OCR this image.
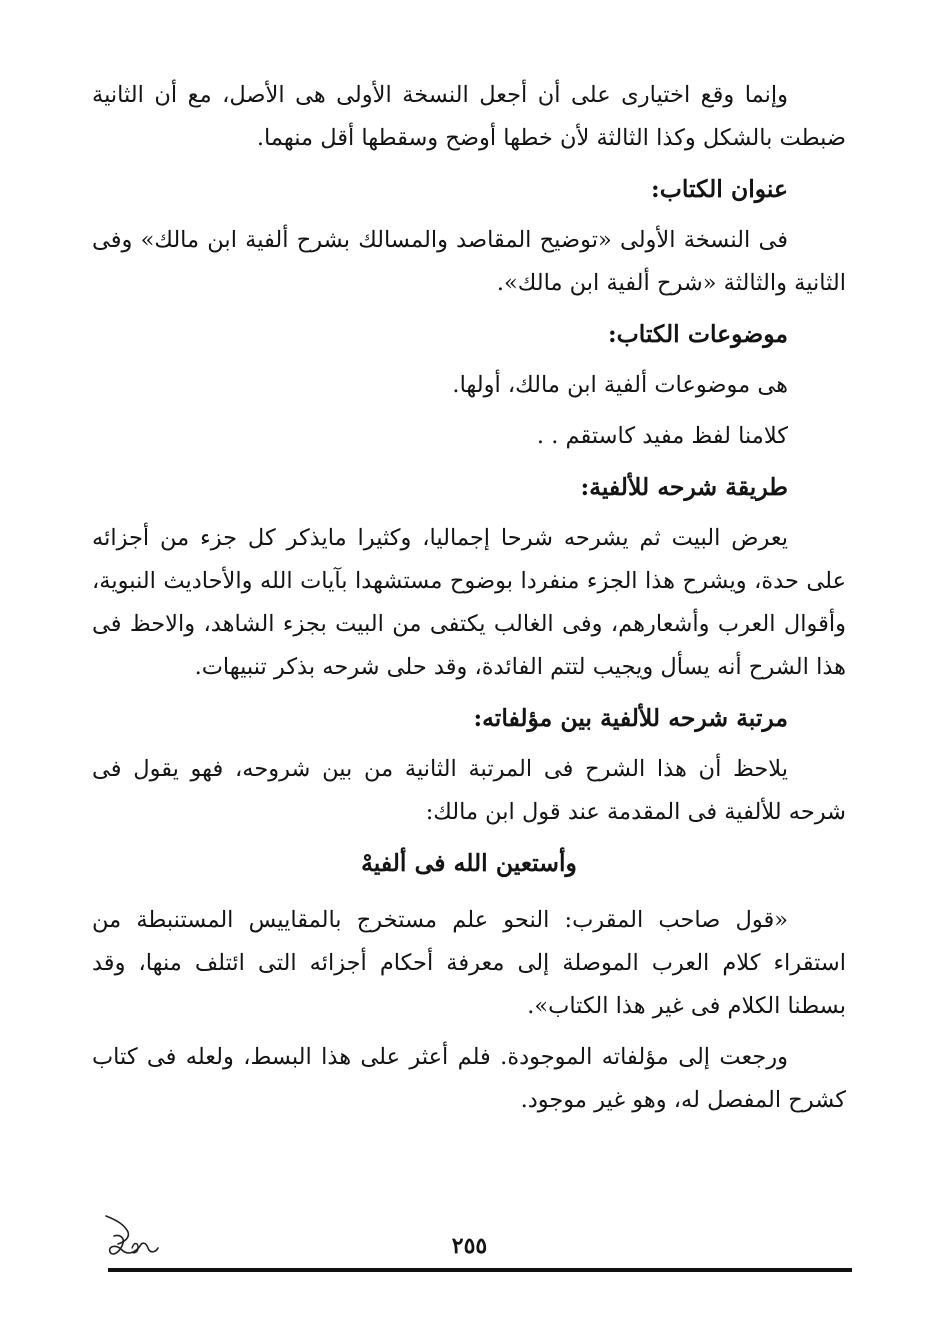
وإنما وقع اختيارى على أن أجعل النسخة الأولى هى الأصل، مع أن الثانية ضبطت بالشكل وكذا الثالثة لأن خطها أوضح وسقطها أقل منهما.

عنوان الكتاب:

فى النسخة الأولى «توضيح المقاصد والمسالك بشرح ألفية ابن مالك» وفى الثانية والثالثة «شرح ألفية ابن مالك».

موضوعات الكتاب:

هى موضوعات ألفية ابن مالك، أولها.

كلامنا لفظ مفيد كاستقم . .

طريقة شرحه للألفية:

يعرض البيت ثم يشرحه شرحا إجماليا، وكثيرا مايذكر كل جزء من أجزائه على حدة، ويشرح هذا الجزء منفردا بوضوح مستشهدا بآيات الله والأحاديث النبوية، وأقوال العرب وأشعارهم، وفى الغالب يكتفى من البيت بجزء الشاهد، والاحظ فى هذا الشرح أنه يسأل ويجيب لتتم الفائدة، وقد حلى شرحه بذكر تنبيهات.

مرتبة شرحه للألفية بين مؤلفاته:

يلاحظ أن هذا الشرح فى المرتبة الثانية من بين شروحه، فهو يقول فى شرحه للألفية فى المقدمة عند قول ابن مالك:

وأستعين الله فى ألفيهْ

«قول صاحب المقرب: النحو علم مستخرج بالمقاييس المستنبطة من استقراء كلام العرب الموصلة إلى معرفة أحكام أجزائه التى ائتلف منها، وقد بسطنا الكلام فى غير هذا الكتاب».

ورجعت إلى مؤلفاته الموجودة. فلم أعثر على هذا البسط، ولعله فى كتاب كشرح المفصل له، وهو غير موجود.

٢٥٥
